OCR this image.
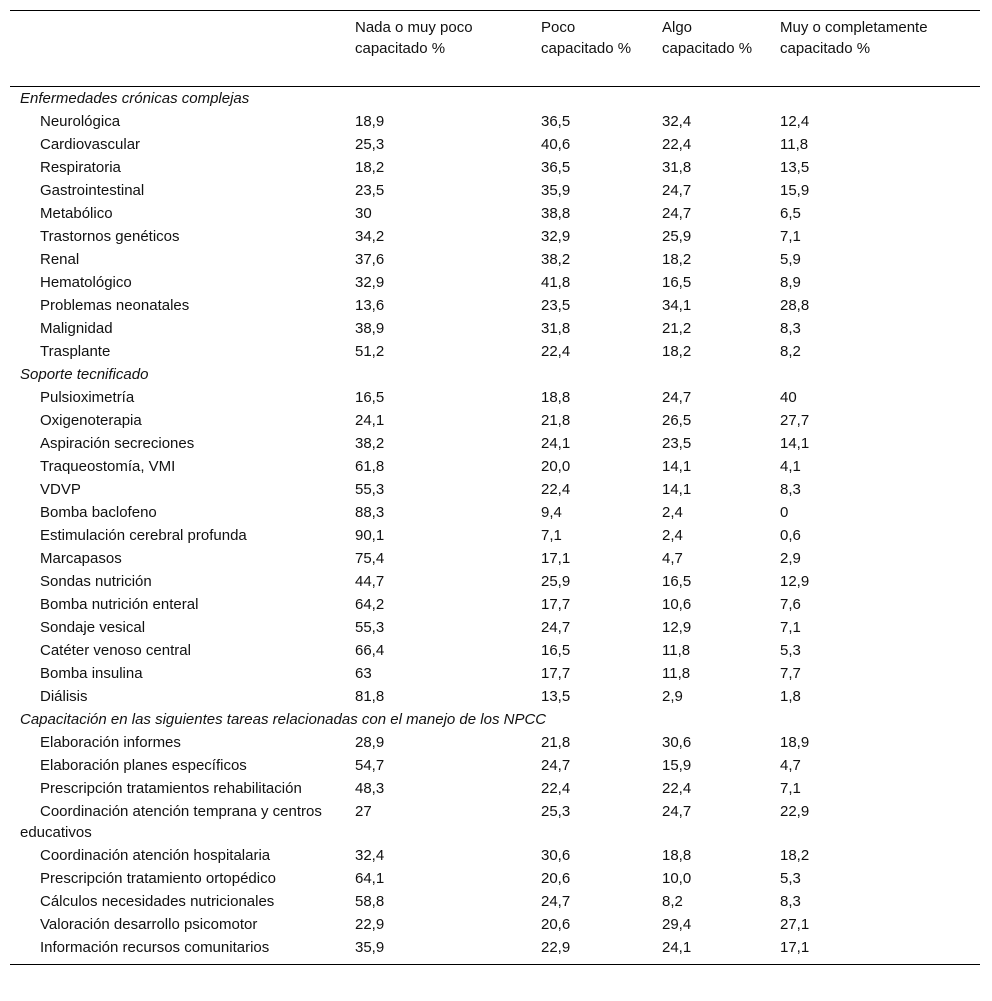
	Nada o muy poco capacitado %	Poco capacitado %	Algo capacitado %	Muy o completamente capacitado %
Enfermedades crónicas complejas				
Neurológica	18,9	36,5	32,4	12,4
Cardiovascular	25,3	40,6	22,4	11,8
Respiratoria	18,2	36,5	31,8	13,5
Gastrointestinal	23,5	35,9	24,7	15,9
Metabólico	30	38,8	24,7	6,5
Trastornos genéticos	34,2	32,9	25,9	7,1
Renal	37,6	38,2	18,2	5,9
Hematológico	32,9	41,8	16,5	8,9
Problemas neonatales	13,6	23,5	34,1	28,8
Malignidad	38,9	31,8	21,2	8,3
Trasplante	51,2	22,4	18,2	8,2
Soporte tecnificado				
Pulsioximetría	16,5	18,8	24,7	40
Oxigenoterapia	24,1	21,8	26,5	27,7
Aspiración secreciones	38,2	24,1	23,5	14,1
Traqueostomía, VMI	61,8	20,0	14,1	4,1
VDVP	55,3	22,4	14,1	8,3
Bomba baclofeno	88,3	9,4	2,4	0
Estimulación cerebral profunda	90,1	7,1	2,4	0,6
Marcapasos	75,4	17,1	4,7	2,9
Sondas nutrición	44,7	25,9	16,5	12,9
Bomba nutrición enteral	64,2	17,7	10,6	7,6
Sondaje vesical	55,3	24,7	12,9	7,1
Catéter venoso central	66,4	16,5	11,8	5,3
Bomba insulina	63	17,7	11,8	7,7
Diálisis	81,8	13,5	2,9	1,8
Capacitación en las siguientes tareas relacionadas con el manejo de los NPCC				
Elaboración informes	28,9	21,8	30,6	18,9
Elaboración planes específicos	54,7	24,7	15,9	4,7
Prescripción tratamientos rehabilitación	48,3	22,4	22,4	7,1
Coordinación atención temprana y centros educativos	27	25,3	24,7	22,9
Coordinación atención hospitalaria	32,4	30,6	18,8	18,2
Prescripción tratamiento ortopédico	64,1	20,6	10,0	5,3
Cálculos necesidades nutricionales	58,8	24,7	8,2	8,3
Valoración desarrollo psicomotor	22,9	20,6	29,4	27,1
Información recursos comunitarios	35,9	22,9	24,1	17,1
